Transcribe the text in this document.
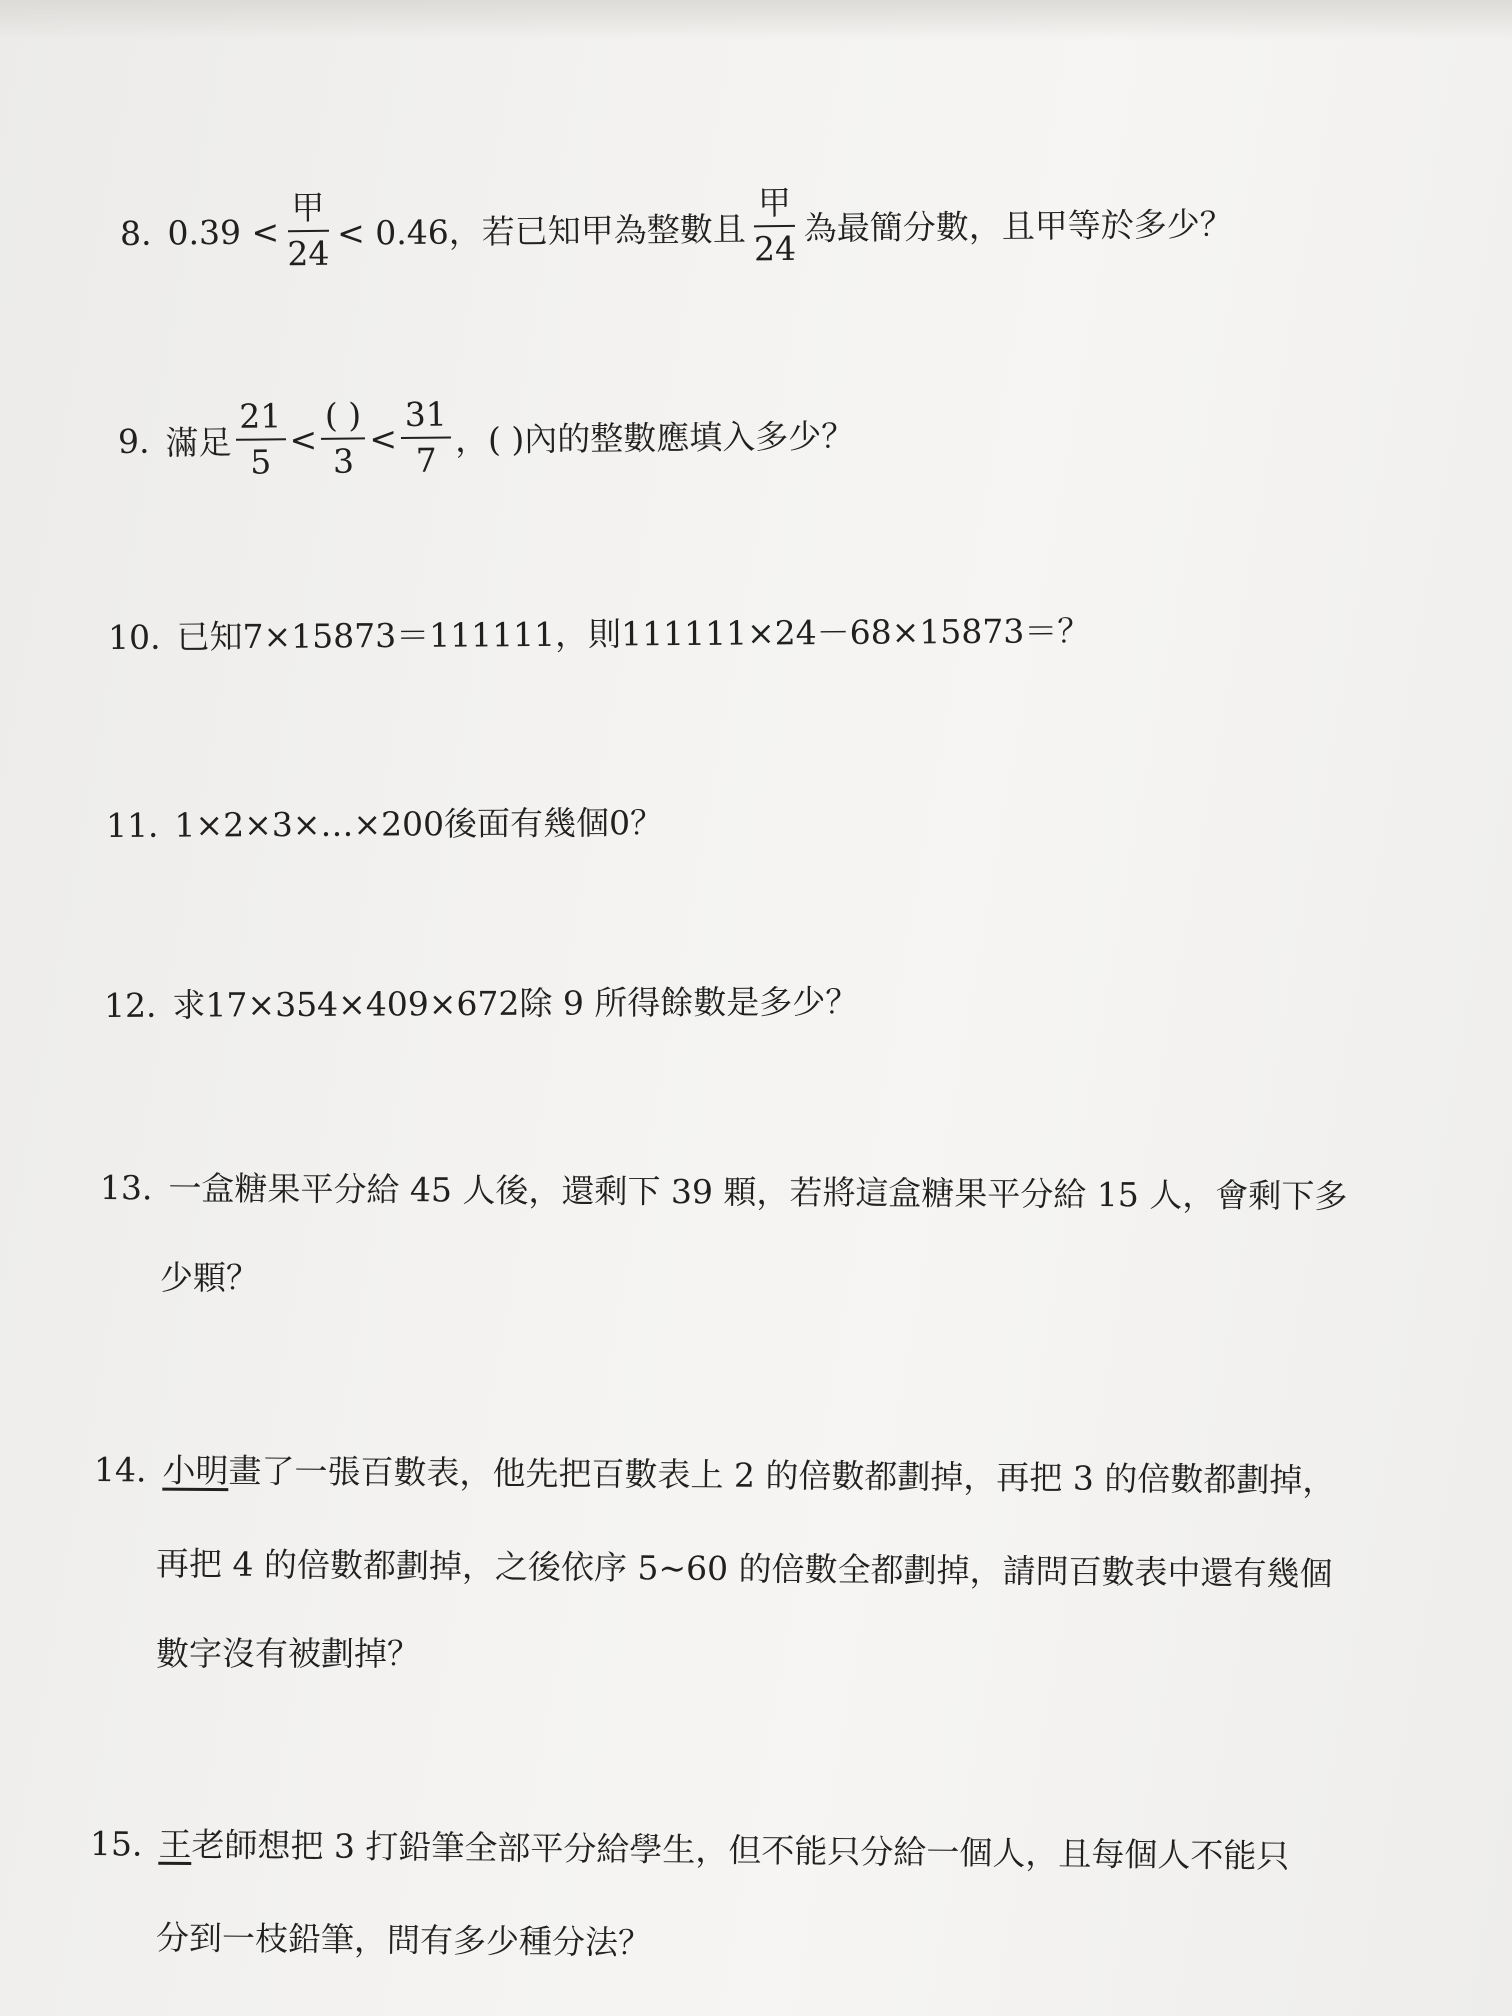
8. $0.39 < \frac{\text{甲}}{24} < 0.46$，若已知甲為整數且 $\frac{\text{甲}}{24}$ 為最簡分數，且甲等於多少？
9. 滿足 $\frac{21}{5} < \frac{( )}{3} < \frac{31}{7}$ ，( )內的整數應填入多少？
10. 已知7×15873＝111111，則111111×24－68×15873＝？
11. 1×2×3×…×200後面有幾個0？
12. 求17×354×409×672除 9 所得餘數是多少？
13. 一盒糖果平分給 45 人後，還剩下 39 顆，若將這盒糖果平分給 15 人，會剩下多
少顆？
14. 小明畫了一張百數表，他先把百數表上 2 的倍數都劃掉，再把 3 的倍數都劃掉，
再把 4 的倍數都劃掉，之後依序 5~60 的倍數全都劃掉，請問百數表中還有幾個
數字沒有被劃掉？
15. 王老師想把 3 打鉛筆全部平分給學生，但不能只分給一個人，且每個人不能只
分到一枝鉛筆，問有多少種分法？
